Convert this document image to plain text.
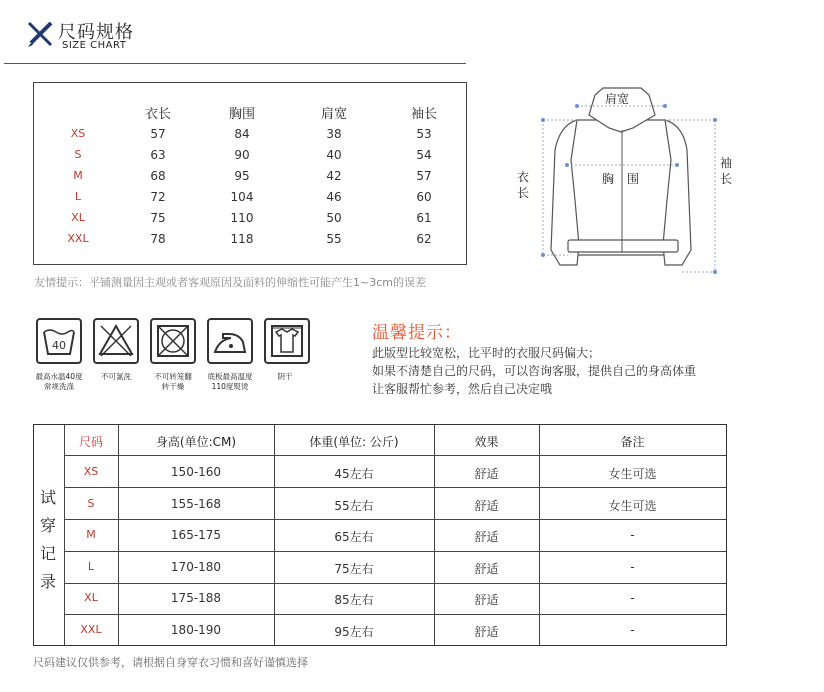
尺码规格
SIZE CHART
衣长	胸围	肩宽	袖长
XS	57	84	38	53
S	63	90	40	54
M	68	95	42	57
L	72	104	46	60
XL	75	110	50	61
XXL	78	118	55	62
友情提示：平铺测量因主观或者客观原因及面料的伸缩性可能产生1~3cm的误差
肩宽
衣
长
胸 围
袖
长
40
最高水温40度
常规洗涤
不可氯洗	不可转笼翻
转干燥
底板最高温度
110度熨烫
阴干
温馨提示：
此版型比较宽松，比平时的衣服尺码偏大；
如果不清楚自己的尺码，可以咨询客服，提供自己的身高体重
让客服帮忙参考，然后自己决定哦
试
穿
记
录
尺码	身高(单位:CM)	体重(单位: 公斤)	效果	备注
XS	150-160	45左右	舒适	女生可选
S	155-168	55左右	舒适	女生可选
M	165-175	65左右	舒适	-
L	170-180	75左右	舒适	-
XL	175-188	85左右	舒适	-
XXL	180-190	95左右	舒适	-
尺码建议仅供参考，请根据自身穿衣习惯和喜好谨慎选择
